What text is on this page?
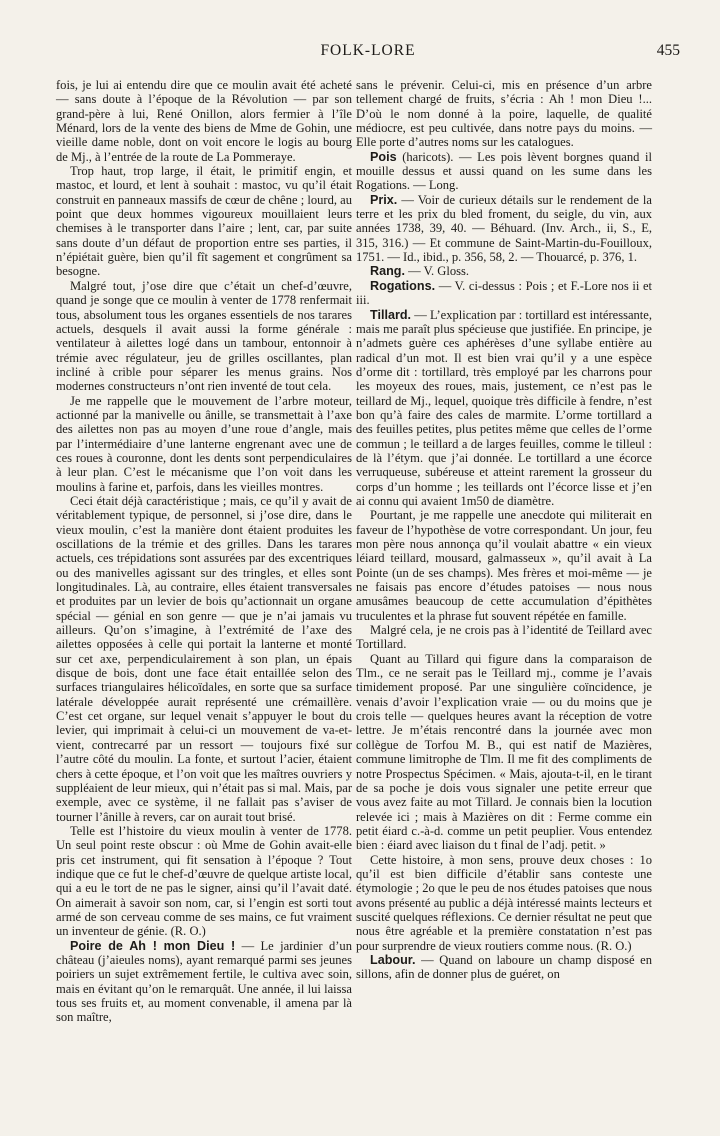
FOLK-LORE	455

fois, je lui ai entendu dire que ce moulin avait été acheté — sans doute à l’époque de la Révolution — par son grand-père à lui, René Onillon, alors fermier à l’île Ménard, lors de la vente des biens de Mme de Gohin, une vieille dame noble, dont on voit encore le logis au bourg de Mj., à l’entrée de la route de La Pommeraye.

Trop haut, trop large, il était, le primitif engin, et mastoc, et lourd, et lent à souhait : mastoc, vu qu’il était construit en panneaux massifs de cœur de chêne ; lourd, au point que deux hommes vigoureux mouillaient leurs chemises à le transporter dans l’aire ; lent, car, par suite sans doute d’un défaut de proportion entre ses parties, il n’épiétait guère, bien qu’il fît sagement et congrûment sa besogne.

Malgré tout, j’ose dire que c’était un chef-d’œuvre, quand je songe que ce moulin à venter de 1778 renfermait tous, absolument tous les organes essentiels de nos tarares actuels, desquels il avait aussi la forme générale : ventilateur à ailettes logé dans un tambour, entonnoir à trémie avec régulateur, jeu de grilles oscillantes, plan incliné à crible pour séparer les menus grains. Nos modernes constructeurs n’ont rien inventé de tout cela.

Je me rappelle que le mouvement de l’arbre moteur, actionné par la manivelle ou ânille, se transmettait à l’axe des ailettes non pas au moyen d’une roue d’angle, mais par l’intermédiaire d’une lanterne engrenant avec une de ces roues à couronne, dont les dents sont perpendiculaires à leur plan. C’est le mécanisme que l’on voit dans les moulins à farine et, parfois, dans les vieilles montres.

Ceci était déjà caractéristique ; mais, ce qu’il y avait de véritablement typique, de personnel, si j’ose dire, dans le vieux moulin, c’est la manière dont étaient produites les oscillations de la trémie et des grilles. Dans les tarares actuels, ces trépidations sont assurées par des excentriques ou des manivelles agissant sur des tringles, et elles sont longitudinales. Là, au contraire, elles étaient transversales et produites par un levier de bois qu’actionnait un organe spécial — génial en son genre — que je n’ai jamais vu ailleurs. Qu’on s’imagine, à l’extrémité de l’axe des ailettes opposées à celle qui portait la lanterne et monté sur cet axe, perpendiculairement à son plan, un épais disque de bois, dont une face était entaillée selon des surfaces triangulaires hélicoïdales, en sorte que sa surface latérale développée aurait représenté une crémaillère. C’est cet organe, sur lequel venait s’appuyer le bout du levier, qui imprimait à celui-ci un mouvement de va-et-vient, contrecarré par un ressort — toujours fixé sur l’autre côté du moulin. La fonte, et surtout l’acier, étaient chers à cette époque, et l’on voit que les maîtres ouvriers y suppléaient de leur mieux, qui n’était pas si mal. Mais, par exemple, avec ce système, il ne fallait pas s’aviser de tourner l’ânille à revers, car on aurait tout brisé.

Telle est l’histoire du vieux moulin à venter de 1778. Un seul point reste obscur : où Mme de Gohin avait-elle pris cet instrument, qui fit sensation à l’époque ? Tout indique que ce fut le chef-d’œuvre de quelque artiste local, qui a eu le tort de ne pas le signer, ainsi qu’il l’avait daté. On aimerait à savoir son nom, car, si l’engin est sorti tout armé de son cerveau comme de ses mains, ce fut vraiment un inventeur de génie. (R. O.)

Poire de Ah ! mon Dieu ! — Le jardinier d’un château (j’aieules noms), ayant remarqué parmi ses jeunes poiriers un sujet extrêmement fertile, le cultiva avec soin, mais en évitant qu’on le remarquât. Une année, il lui laissa tous ses fruits et, au moment convenable, il amena par là son maître,

sans le prévenir. Celui-ci, mis en présence d’un arbre tellement chargé de fruits, s’écria : Ah ! mon Dieu !... D’où le nom donné à la poire, laquelle, de qualité médiocre, est peu cultivée, dans notre pays du moins. — Elle porte d’autres noms sur les catalogues.

Pois (haricots). — Les pois lèvent borgnes quand il mouille dessus et aussi quand on les sume dans les Rogations. — Long.

Prix. — Voir de curieux détails sur le rendement de la terre et les prix du bled froment, du seigle, du vin, aux années 1738, 39, 40. — Béhuard. (Inv. Arch., ii, S., E, 315, 316.) — Et commune de Saint-Martin-du-Fouilloux, 1751. — Id., ibid., p. 356, 58, 2. — Thouarcé, p. 376, 1.

Rang. — V. Gloss.

Rogations. — V. ci-dessus : Pois ; et F.-Lore nos ii et iii.

Tillard. — L’explication par : tortillard est intéressante, mais me paraît plus spécieuse que justifiée. En principe, je n’admets guère ces aphérèses d’une syllabe entière au radical d’un mot. Il est bien vrai qu’il y a une espèce d’orme dit : tortillard, très employé par les charrons pour les moyeux des roues, mais, justement, ce n’est pas le teillard de Mj., lequel, quoique très difficile à fendre, n’est bon qu’à faire des cales de marmite. L’orme tortillard a des feuilles petites, plus petites même que celles de l’orme commun ; le teillard a de larges feuilles, comme le tilleul : de là l’étym. que j’ai donnée. Le tortillard a une écorce verruqueuse, subéreuse et atteint rarement la grosseur du corps d’un homme ; les teillards ont l’écorce lisse et j’en ai connu qui avaient 1m50 de diamètre.

Pourtant, je me rappelle une anecdote qui militerait en faveur de l’hypothèse de votre correspondant. Un jour, feu mon père nous annonça qu’il voulait abattre « ein vieux léiard teillard, mousard, galmasseux », qu’il avait à La Pointe (un de ses champs). Mes frères et moi-même — je ne faisais pas encore d’études patoises — nous nous amusâmes beaucoup de cette accumulation d’épithètes truculentes et la phrase fut souvent répétée en famille.

Malgré cela, je ne crois pas à l’identité de Teillard avec Tortillard.

Quant au Tillard qui figure dans la comparaison de Tlm., ce ne serait pas le Teillard mj., comme je l’avais timidement proposé. Par une singulière coïncidence, je venais d’avoir l’explication vraie — ou du moins que je crois telle — quelques heures avant la réception de votre lettre. Je m’étais rencontré dans la journée avec mon collègue de Torfou M. B., qui est natif de Mazières, commune limitrophe de Tlm. Il me fit des compliments de notre Prospectus Spécimen. « Mais, ajouta-t-il, en le tirant de sa poche je dois vous signaler une petite erreur que vous avez faite au mot Tillard. Je connais bien la locution relevée ici ; mais à Mazières on dit : Ferme comme ein petit éiard c.-à-d. comme un petit peuplier. Vous entendez bien : éiard avec liaison du t final de l’adj. petit. »

Cette histoire, à mon sens, prouve deux choses : 1o qu’il est bien difficile d’établir sans conteste une étymologie ; 2o que le peu de nos études patoises que nous avons présenté au public a déjà intéressé maints lecteurs et suscité quelques réflexions. Ce dernier résultat ne peut que nous être agréable et la première constatation n’est pas pour surprendre de vieux routiers comme nous. (R. O.)

Labour. — Quand on laboure un champ disposé en sillons, afin de donner plus de guéret, on
